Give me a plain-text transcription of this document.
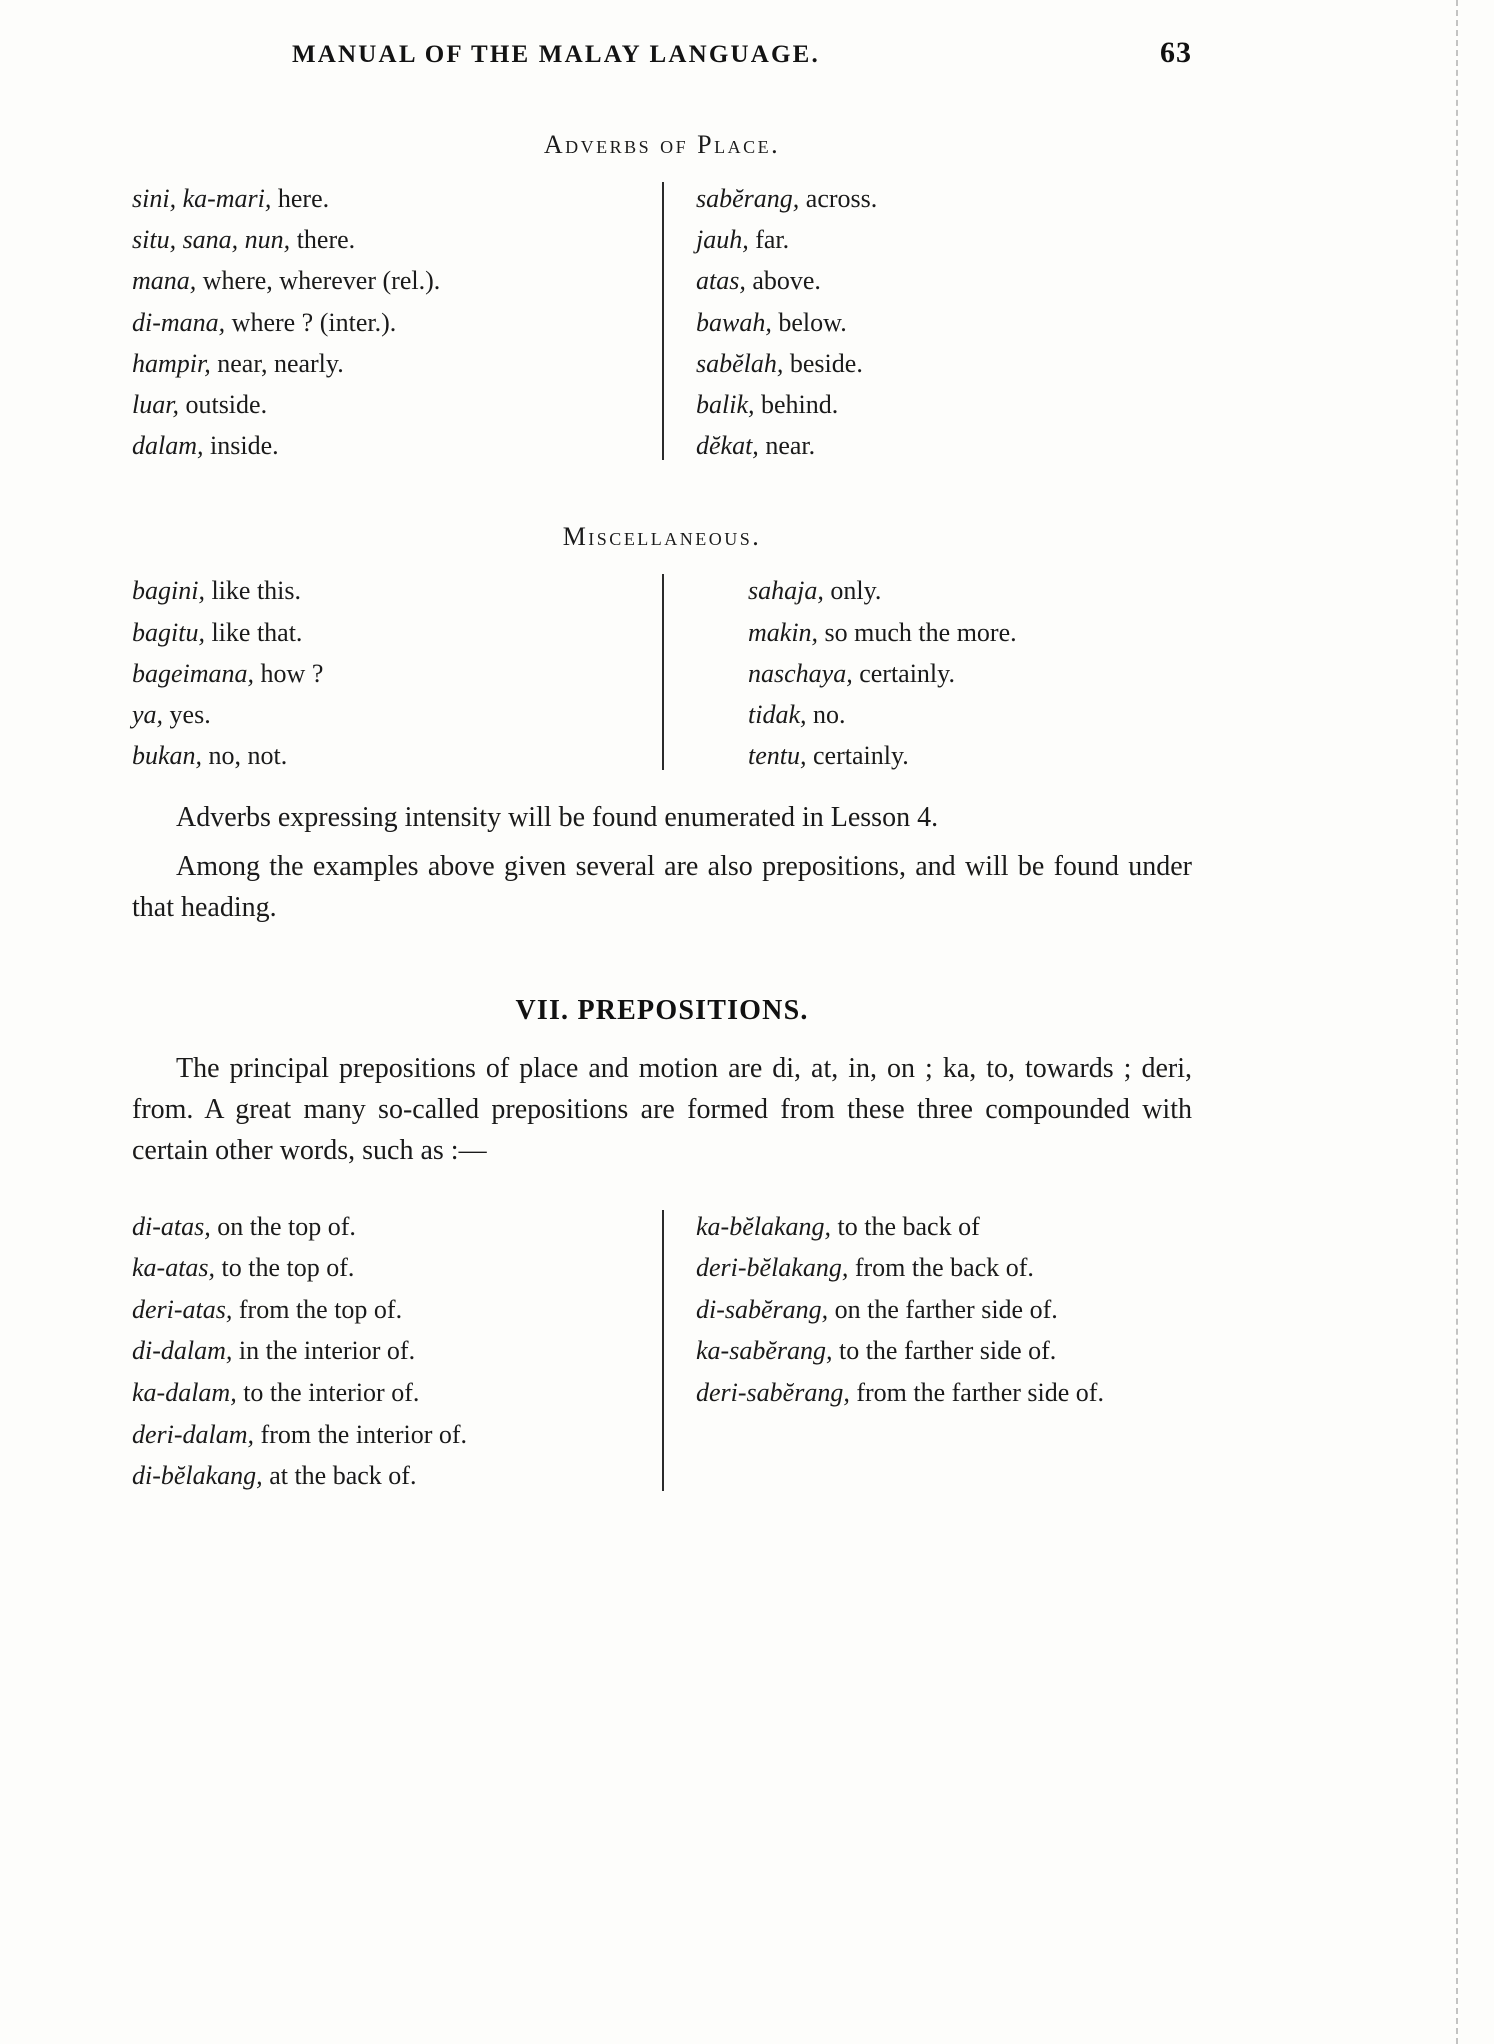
MANUAL OF THE MALAY LANGUAGE.	63
Adverbs of Place.
sini, ka-mari, here.
situ, sana, nun, there.
mana, where, wherever (rel.).
di-mana, where ? (inter.).
hampir, near, nearly.
luar, outside.
dalam, inside.
sabĕrang, across.
jauh, far.
atas, above.
bawah, below.
sabĕlah, beside.
balik, behind.
dĕkat, near.
Miscellaneous.
bagini, like this.
bagitu, like that.
bageimana, how ?
ya, yes.
bukan, no, not.
sahaja, only.
makin, so much the more.
naschaya, certainly.
tidak, no.
tentu, certainly.

Adverbs expressing intensity will be found enumerated in Lesson 4.

Among the examples above given several are also prepositions, and will be found under that heading.

VII. PREPOSITIONS.

The principal prepositions of place and motion are di, at, in, on ; ka, to, towards ; deri, from. A great many so-called prepositions are formed from these three compounded with certain other words, such as :—

di-atas, on the top of.
ka-atas, to the top of.
deri-atas, from the top of.
di-dalam, in the interior of.
ka-dalam, to the interior of.
deri-dalam, from the interior of.
di-bĕlakang, at the back of.
ka-bĕlakang, to the back of
deri-bĕlakang, from the back of.
di-sabĕrang, on the farther side of.
ka-sabĕrang, to the farther side of.
deri-sabĕrang, from the farther side of.
